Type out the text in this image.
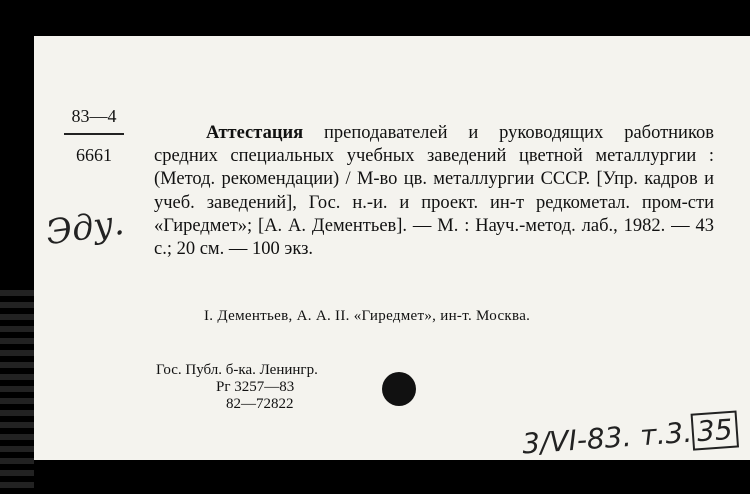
83—4
6661
Эду.
Аттестация преподавателей и руководящих работников средних специальных учебных заведений цветной металлургии : (Метод. рекомендации) / М-во цв. металлургии СССР. [Упр. кадров и учеб. заведений], Гос. н.-и. и проект. ин-т редкометал. пром-сти «Гиредмет»; [А. А. Дементьев]. — М. : Науч.-метод. лаб., 1982. — 43 с.; 20 см. — 100 экз.
I. Дементьев, А. А. II. «Гиредмет», ин-т. Москва.
Гос. Публ. б-ка. Ленингр.
Рг 3257—83
82—72822
3/VI-83. т.3.35
